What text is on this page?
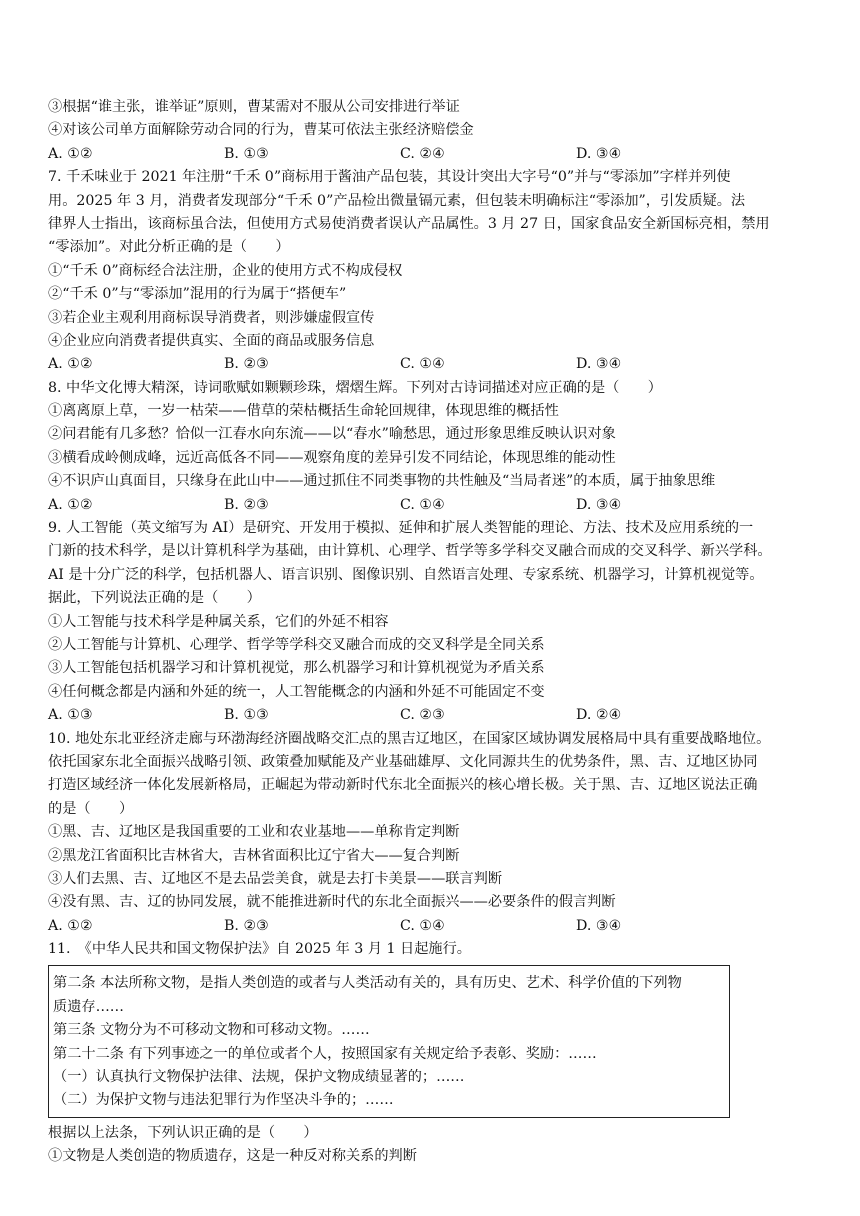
③根据“谁主张，谁举证”原则，曹某需对不服从公司安排进行举证
④对该公司单方面解除劳动合同的行为，曹某可依法主张经济赔偿金
A. ①②	B. ①③	C. ②④	D. ③④
7. 千禾味业于 2021 年注册“千禾 0”商标用于酱油产品包装，其设计突出大字号“0”并与“零添加”字样并列使
用。2025 年 3 月，消费者发现部分“千禾 0”产品检出微量镉元素，但包装未明确标注“零添加”，引发质疑。法
律界人士指出，该商标虽合法，但使用方式易使消费者误认产品属性。3 月 27 日，国家食品安全新国标亮相，禁用
“零添加”。对此分析正确的是（　　）
①“千禾 0”商标经合法注册，企业的使用方式不构成侵权
②“千禾 0”与“零添加”混用的行为属于“搭便车”
③若企业主观利用商标误导消费者，则涉嫌虚假宣传
④企业应向消费者提供真实、全面的商品或服务信息
A. ①②	B. ②③	C. ①④	D. ③④
8. 中华文化博大精深，诗词歌赋如颗颗珍珠，熠熠生辉。下列对古诗词描述对应正确的是（　　）
①离离原上草，一岁一枯荣——借草的荣枯概括生命轮回规律，体现思维的概括性
②问君能有几多愁？恰似一江春水向东流——以“春水”喻愁思，通过形象思维反映认识对象
③横看成岭侧成峰，远近高低各不同——观察角度的差异引发不同结论，体现思维的能动性
④不识庐山真面目，只缘身在此山中——通过抓住不同类事物的共性触及“当局者迷”的本质，属于抽象思维
A. ①②	B. ②③	C. ①④	D. ③④
9. 人工智能（英文缩写为 AI）是研究、开发用于模拟、延伸和扩展人类智能的理论、方法、技术及应用系统的一
门新的技术科学，是以计算机科学为基础，由计算机、心理学、哲学等多学科交叉融合而成的交叉科学、新兴学科。
AI 是十分广泛的科学，包括机器人、语言识别、图像识别、自然语言处理、专家系统、机器学习，计算机视觉等。
据此，下列说法正确的是（　　）
①人工智能与技术科学是种属关系，它们的外延不相容
②人工智能与计算机、心理学、哲学等学科交叉融合而成的交叉科学是全同关系
③人工智能包括机器学习和计算机视觉，那么机器学习和计算机视觉为矛盾关系
④任何概念都是内涵和外延的统一，人工智能概念的内涵和外延不可能固定不变
A. ①③	B. ①③	C. ②③	D. ②④
10. 地处东北亚经济走廊与环渤海经济圈战略交汇点的黑吉辽地区，在国家区域协调发展格局中具有重要战略地位。
依托国家东北全面振兴战略引领、政策叠加赋能及产业基础雄厚、文化同源共生的优势条件，黑、吉、辽地区协同
打造区域经济一体化发展新格局，正崛起为带动新时代东北全面振兴的核心增长极。关于黑、吉、辽地区说法正确
的是（　　）
①黑、吉、辽地区是我国重要的工业和农业基地——单称肯定判断
②黑龙江省面积比吉林省大，吉林省面积比辽宁省大——复合判断
③人们去黑、吉、辽地区不是去品尝美食，就是去打卡美景——联言判断
④没有黑、吉、辽的协同发展，就不能推进新时代的东北全面振兴——必要条件的假言判断
A. ①②	B. ②③	C. ①④	D. ③④
11.　《中华人民共和国文物保护法》自 2025 年 3 月 1 日起施行。
第二条 本法所称文物，是指人类创造的或者与人类活动有关的，具有历史、艺术、科学价值的下列物
质遗存……
第三条 文物分为不可移动文物和可移动文物。……
第二十二条 有下列事迹之一的单位或者个人，按照国家有关规定给予表彰、奖励：……
（一）认真执行文物保护法律、法规，保护文物成绩显著的；……
（二）为保护文物与违法犯罪行为作坚决斗争的；……
根据以上法条，下列认识正确的是（　　）
①文物是人类创造的物质遗存，这是一种反对称关系的判断
